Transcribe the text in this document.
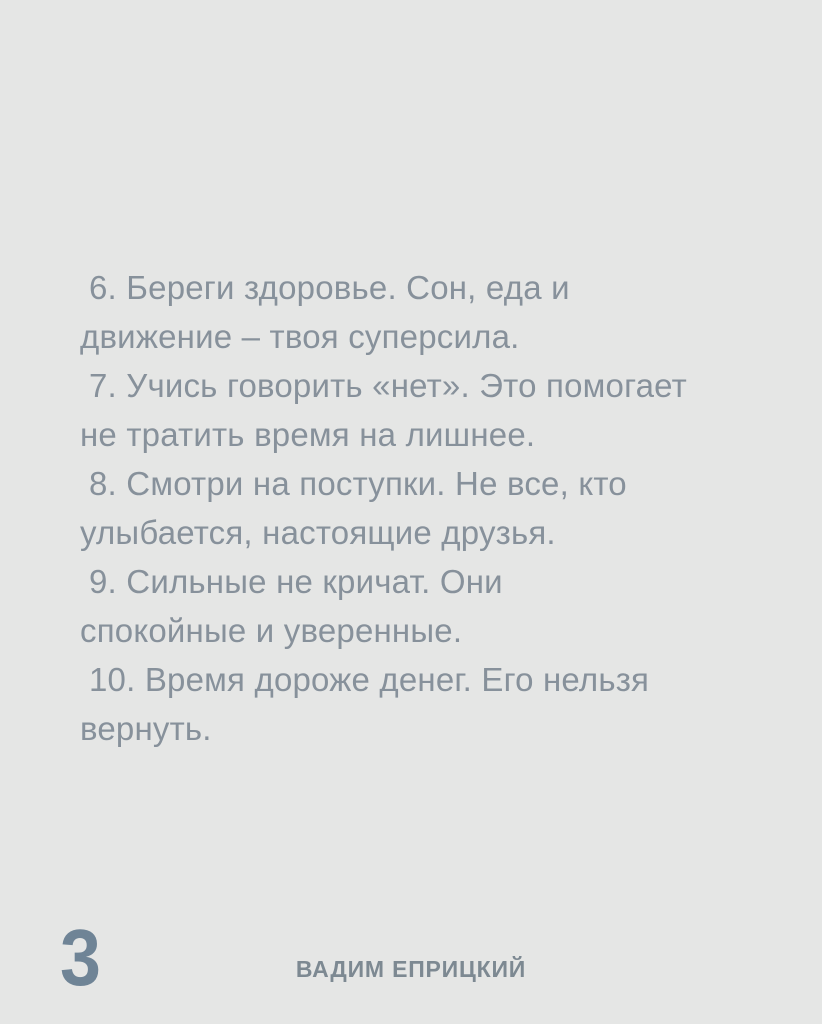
6. Береги здоровье. Сон, еда и
движение – твоя суперсила.
7. Учись говорить «нет». Это помогает
не тратить время на лишнее.
8. Смотри на поступки. Не все, кто
улыбается, настоящие друзья.
9. Сильные не кричат. Они
спокойные и уверенные.
10. Время дороже денег. Его нельзя
вернуть.
3	ВАДИМ ЕПРИЦКИЙ
